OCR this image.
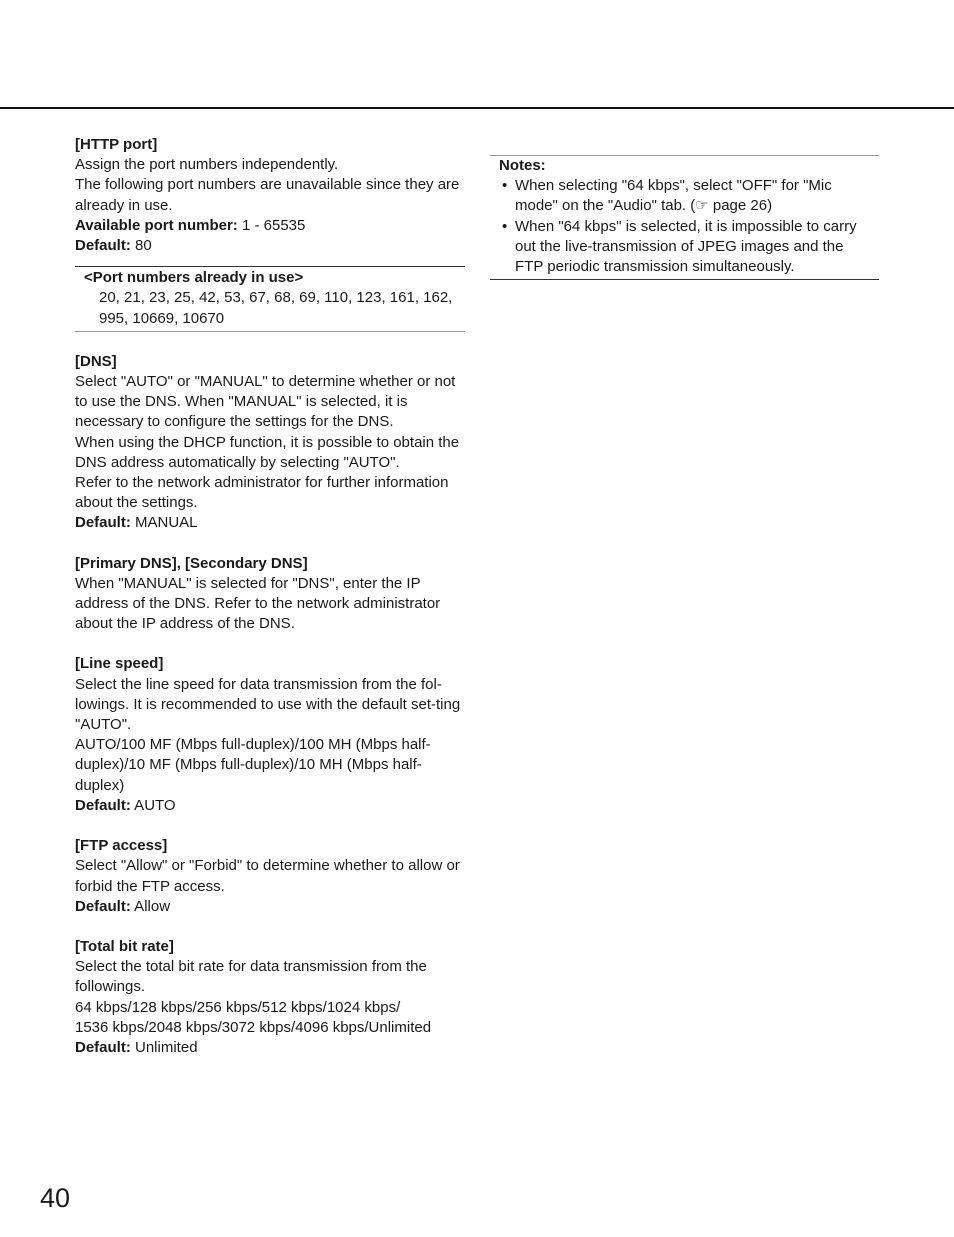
[HTTP port]
Assign the port numbers independently.
The following port numbers are unavailable since they are already in use.
Available port number: 1 - 65535
Default: 80
<Port numbers already in use>
20, 21, 23, 25, 42, 53, 67, 68, 69, 110, 123, 161, 162, 995, 10669, 10670
[DNS]
Select "AUTO" or "MANUAL" to determine whether or not to use the DNS. When "MANUAL" is selected, it is necessary to configure the settings for the DNS.
When using the DHCP function, it is possible to obtain the DNS address automatically by selecting "AUTO".
Refer to the network administrator for further information about the settings.
Default: MANUAL
[Primary DNS], [Secondary DNS]
When "MANUAL" is selected for "DNS", enter the IP address of the DNS. Refer to the network administrator about the IP address of the DNS.
[Line speed]
Select the line speed for data transmission from the fol-lowings. It is recommended to use with the default set-ting "AUTO".
AUTO/100 MF (Mbps full-duplex)/100 MH (Mbps half-duplex)/10 MF (Mbps full-duplex)/10 MH (Mbps half-duplex)
Default: AUTO
[FTP access]
Select "Allow" or "Forbid" to determine whether to allow or forbid the FTP access.
Default: Allow
[Total bit rate]
Select the total bit rate for data transmission from the followings.
64 kbps/128 kbps/256 kbps/512 kbps/1024 kbps/
1536 kbps/2048 kbps/3072 kbps/4096 kbps/Unlimited
Default: Unlimited
Notes:
• When selecting "64 kbps", select "OFF" for "Mic mode" on the "Audio" tab. (☞ page 26)
• When "64 kbps" is selected, it is impossible to carry out the live-transmission of JPEG images and the FTP periodic transmission simultaneously.
40
